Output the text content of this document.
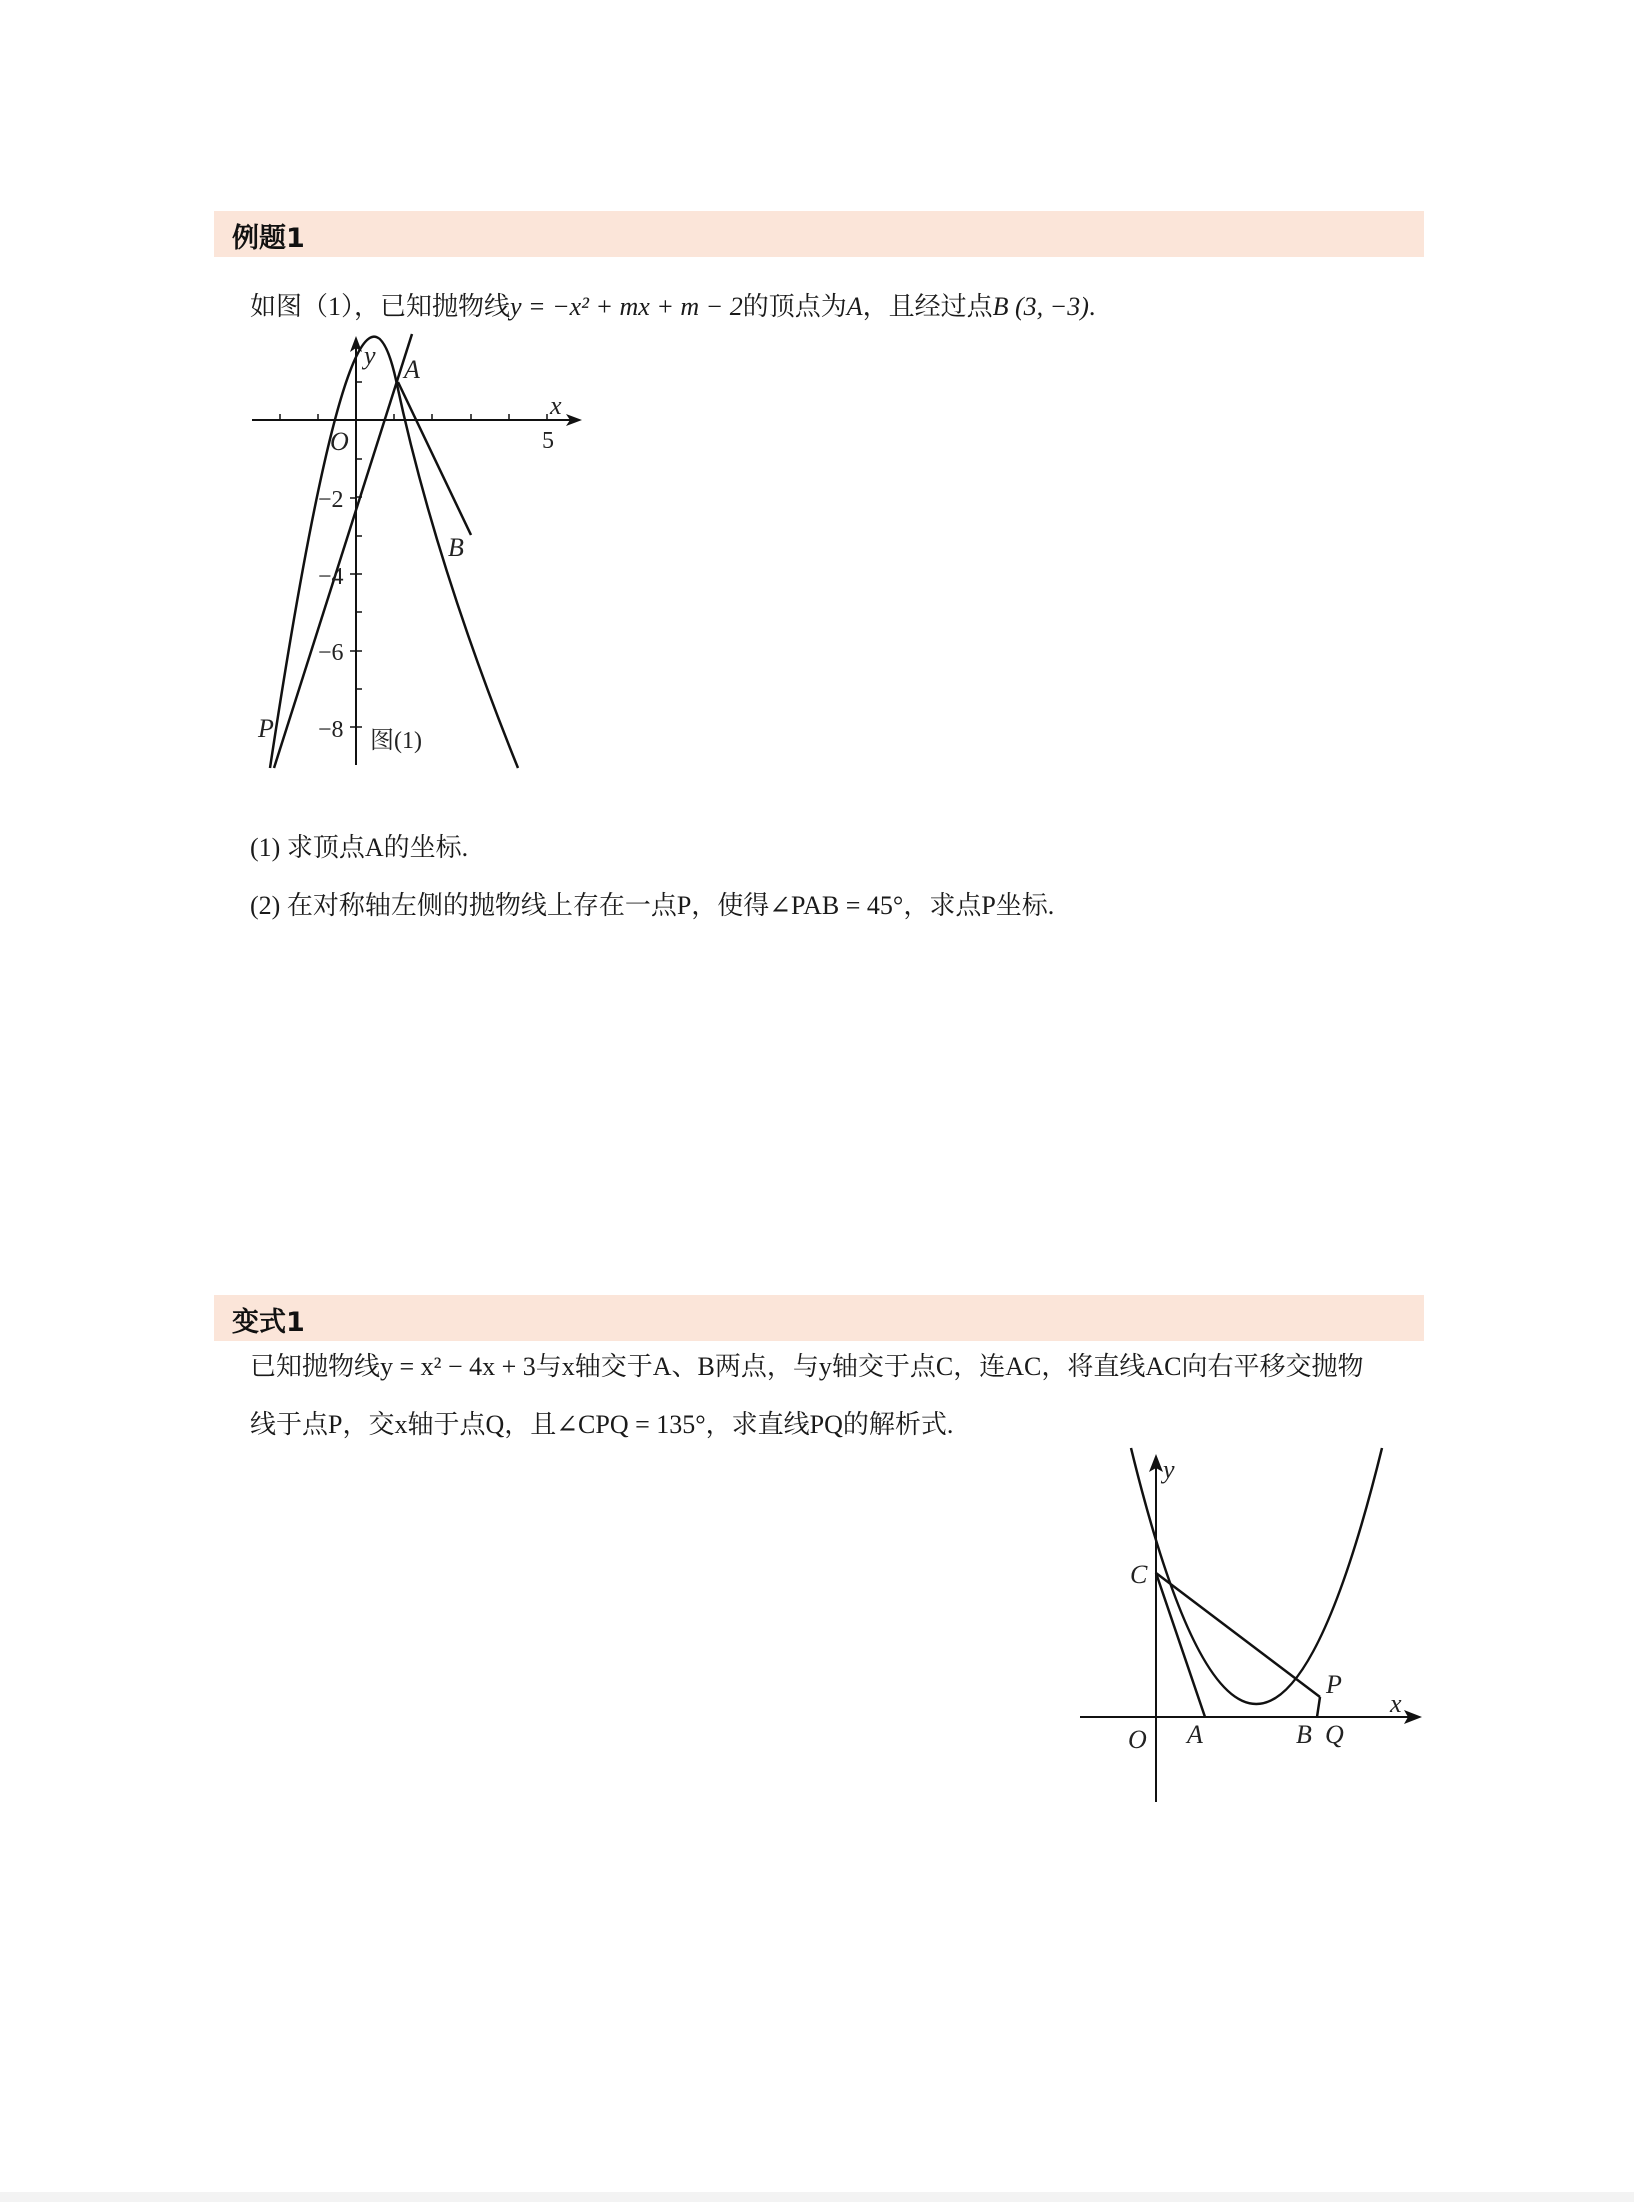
例题1
如图（1），已知抛物线y = −x² + mx + m − 2的顶点为A，且经过点B (3, −3).
x
y
O	5
−2
−4
−6
−8
A
B
P	图(1)
(1) 求顶点A的坐标.
(2) 在对称轴左侧的抛物线上存在一点P，使得∠PAB = 45°，求点P坐标.
变式1
已知抛物线y = x² − 4x + 3与x轴交于A、B两点，与y轴交于点C，连AC，将直线AC向右平移交抛物
线于点P，交x轴于点Q，且∠CPQ = 135°，求直线PQ的解析式.
x
y
O
C
A	B
P
Q
